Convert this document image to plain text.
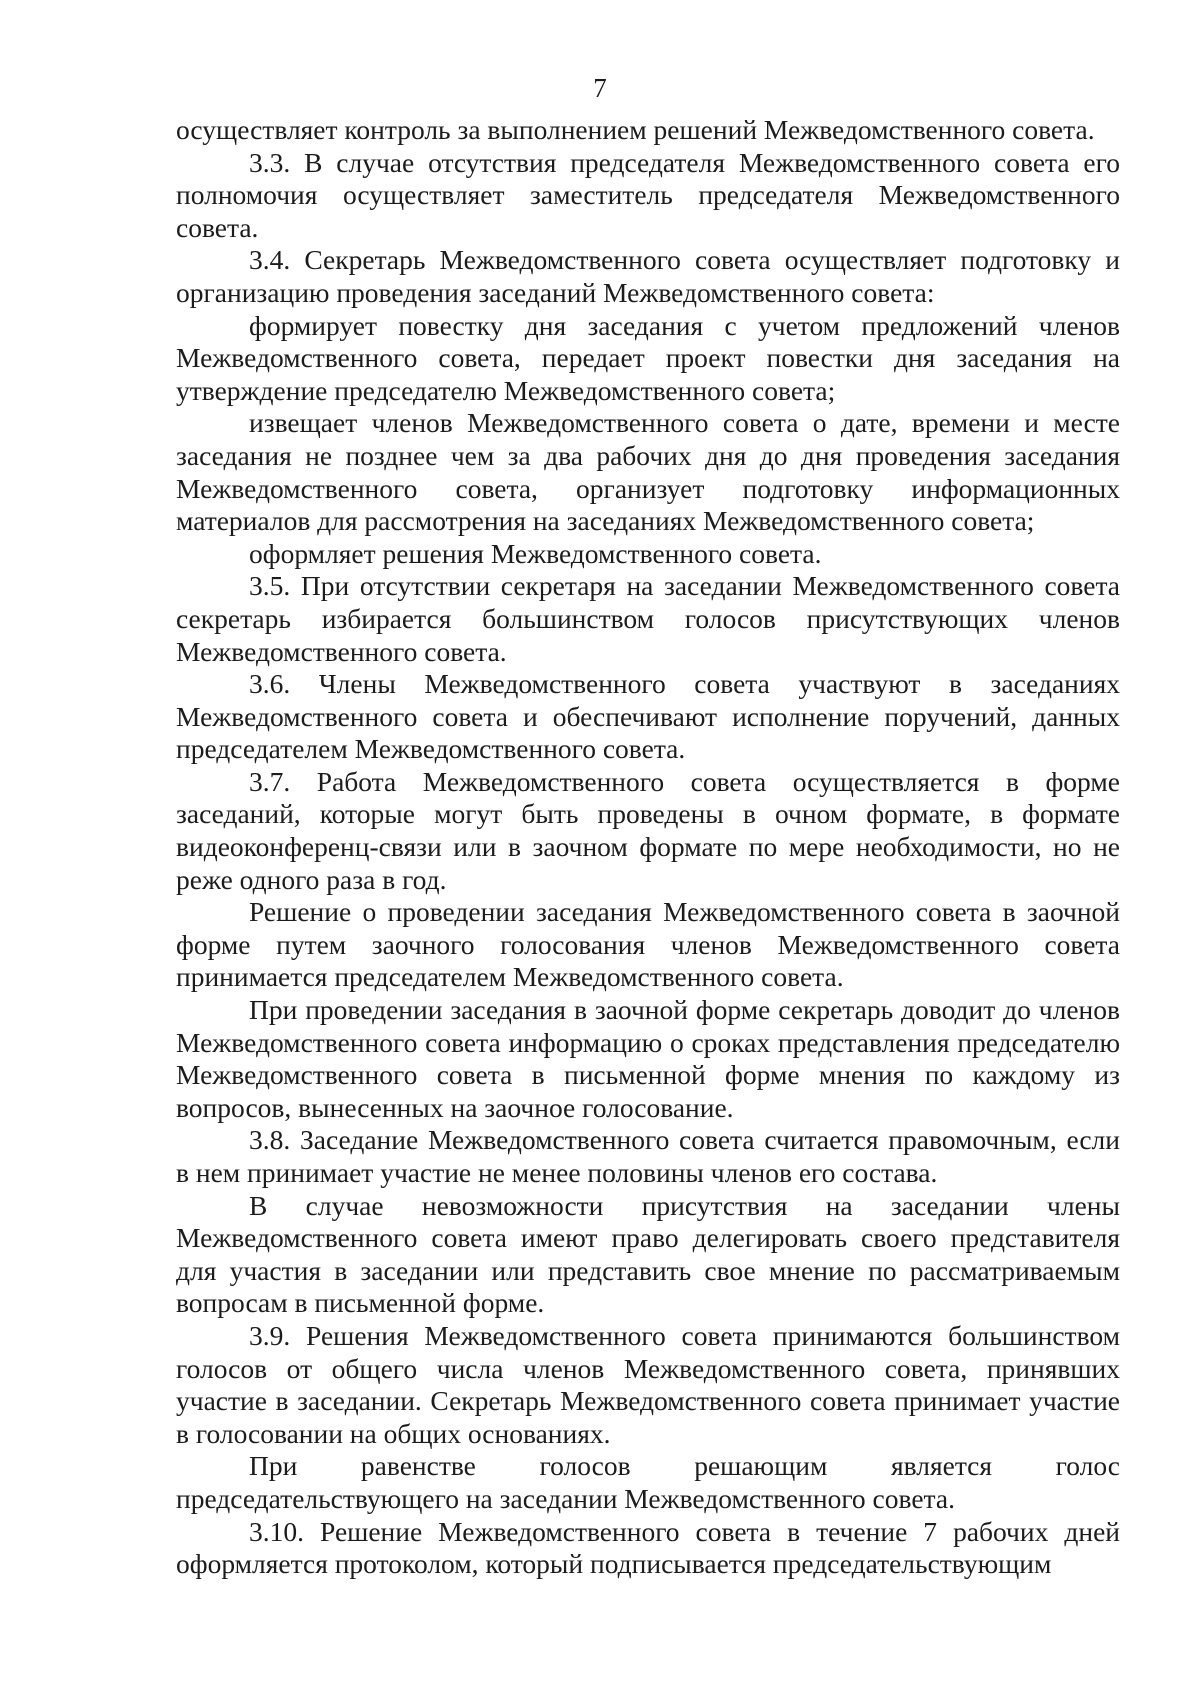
7

осуществляет контроль за выполнением решений Межведомственного совета.

3.3. В случае отсутствия председателя Межведомственного совета его полномочия осуществляет заместитель председателя Межведомственного совета.

3.4. Секретарь Межведомственного совета осуществляет подготовку и организацию проведения заседаний Межведомственного совета:

формирует повестку дня заседания с учетом предложений членов Межведомственного совета, передает проект повестки дня заседания на утверждение председателю Межведомственного совета;

извещает членов Межведомственного совета о дате, времени и месте заседания не позднее чем за два рабочих дня до дня проведения заседания Межведомственного совета, организует подготовку информационных материалов для рассмотрения на заседаниях Межведомственного совета;

оформляет решения Межведомственного совета.

3.5. При отсутствии секретаря на заседании Межведомственного совета секретарь избирается большинством голосов присутствующих членов Межведомственного совета.

3.6. Члены Межведомственного совета участвуют в заседаниях Межведомственного совета и обеспечивают исполнение поручений, данных председателем Межведомственного совета.

3.7. Работа Межведомственного совета осуществляется в форме заседаний, которые могут быть проведены в очном формате, в формате видеоконференц-связи или в заочном формате по мере необходимости, но не реже одного раза в год.

Решение о проведении заседания Межведомственного совета в заочной форме путем заочного голосования членов Межведомственного совета принимается председателем Межведомственного совета.

При проведении заседания в заочной форме секретарь доводит до членов Межведомственного совета информацию о сроках представления председателю Межведомственного совета в письменной форме мнения по каждому из вопросов, вынесенных на заочное голосование.

3.8. Заседание Межведомственного совета считается правомочным, если в нем принимает участие не менее половины членов его состава.

В случае невозможности присутствия на заседании члены Межведомственного совета имеют право делегировать своего представителя для участия в заседании или представить свое мнение по рассматриваемым вопросам в письменной форме.

3.9. Решения Межведомственного совета принимаются большинством голосов от общего числа членов Межведомственного совета, принявших участие в заседании. Секретарь Межведомственного совета принимает участие в голосовании на общих основаниях.

При равенстве голосов решающим является голос председательствующего на заседании Межведомственного совета.

3.10. Решение Межведомственного совета в течение 7 рабочих дней оформляется протоколом, который подписывается председательствующим
